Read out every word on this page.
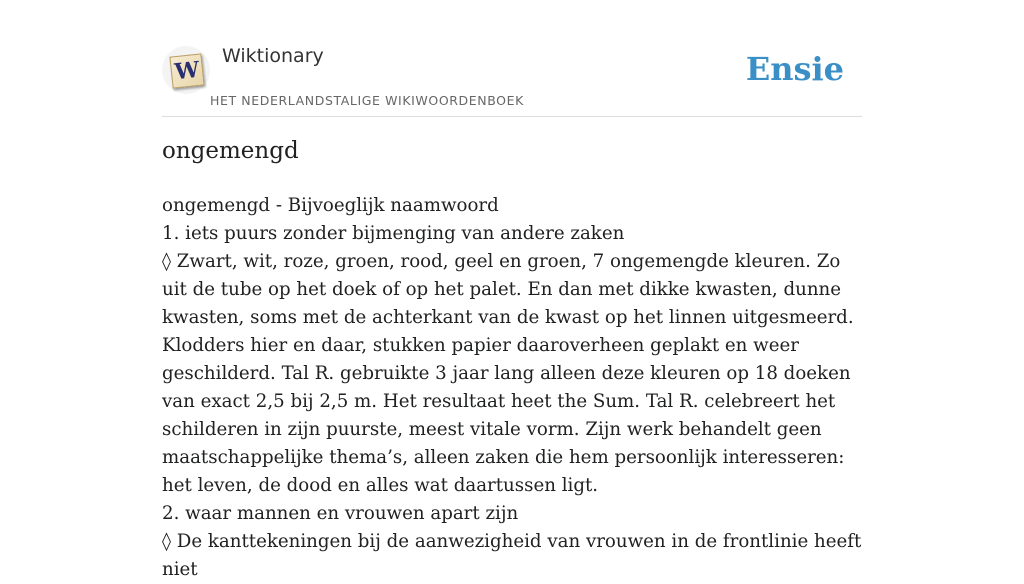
W
Wiktionary
HET NEDERLANDSTALIGE WIKIWOORDENBOEK
Ensie
ongemengd

ongemengd - Bijvoeglijk naamwoord

1. iets puurs zonder bijmenging van andere zaken

◊ Zwart, wit, roze, groen, rood, geel en groen, 7 ongemengde kleuren. Zo uit de tube op het doek of op het palet. En dan met dikke kwasten, dunne kwasten, soms met de achterkant van de kwast op het linnen uitgesmeerd. Klodders hier en daar, stukken papier daaroverheen geplakt en weer geschilderd. Tal R. gebruikte 3 jaar lang alleen deze kleuren op 18 doeken van exact 2,5 bij 2,5 m. Het resultaat heet the Sum. Tal R. celebreert het schilderen in zijn puurste, meest vitale vorm. Zijn werk behandelt geen maatschappelijke thema’s, alleen zaken die hem persoonlijk interesseren: het leven, de dood en alles wat daartussen ligt.

2. waar mannen en vrouwen apart zijn

◊ De kanttekeningen bij de aanwezigheid van vrouwen in de frontlinie heeft niet
